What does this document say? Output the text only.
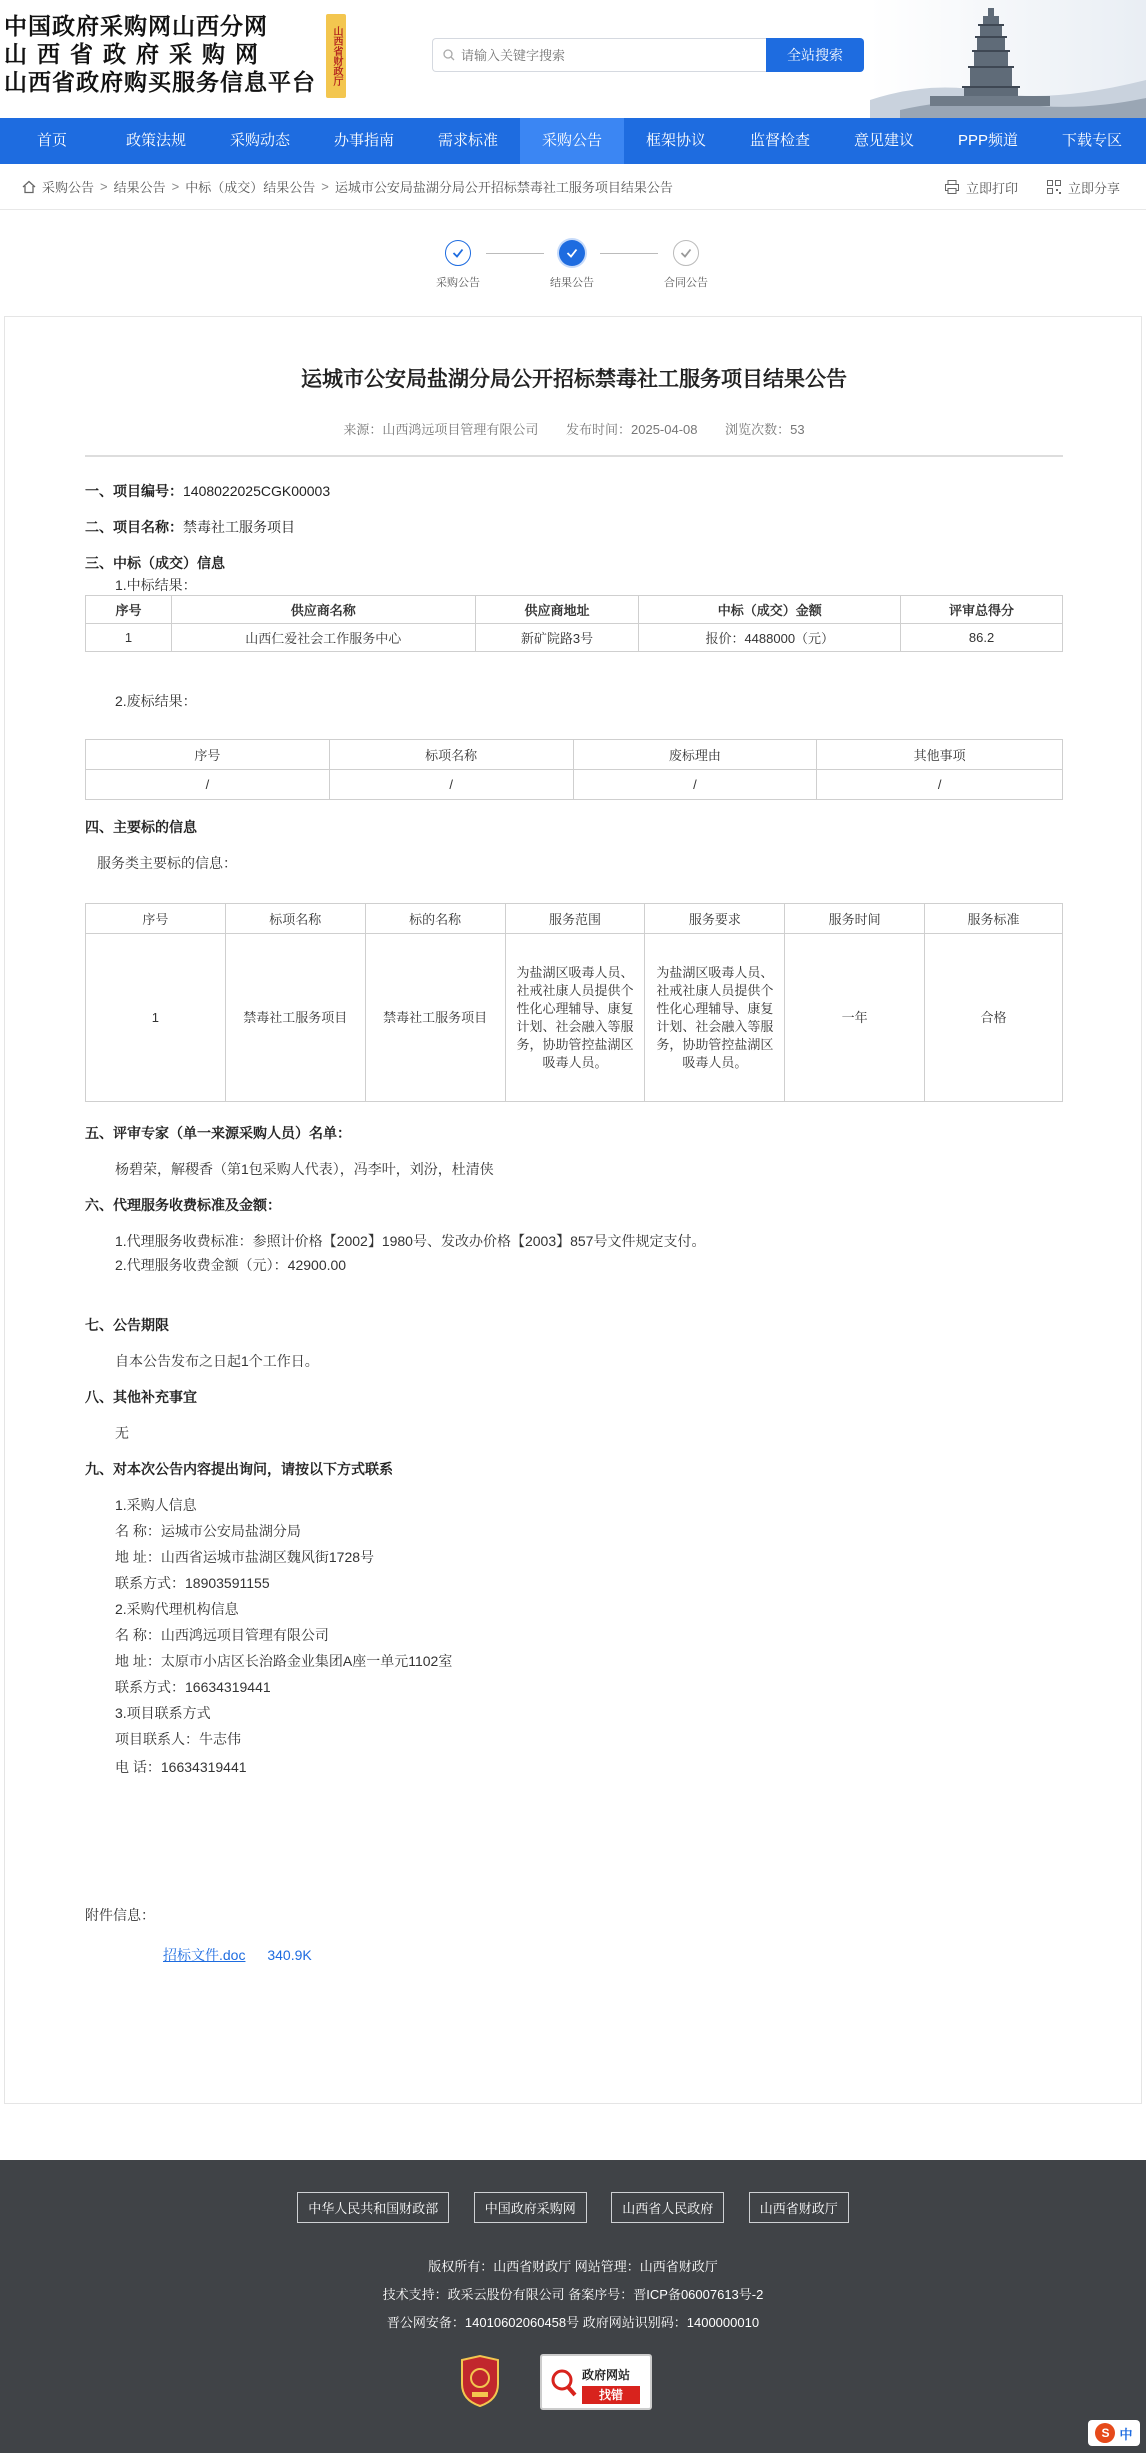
中国政府采购网山西分网
山西省政府采购网
山西省政府购买服务信息平台	山西省财政厅
请输入关键字搜索	全站搜索
首页	政策法规	采购动态	办事指南	需求标准	采购公告	框架协议	监督检查	意见建议	PPP频道	下载专区
采购公告 > 结果公告 > 中标（成交）结果公告 > 运城市公安局盐湖分局公开招标禁毒社工服务项目结果公告	立即打印	立即分享
采购公告	结果公告	合同公告
运城市公安局盐湖分局公开招标禁毒社工服务项目结果公告
来源：山西鸿远项目管理有限公司 发布时间：2025-04-08 浏览次数：53
一、项目编号：1408022025CGK00003
二、项目名称：禁毒社工服务项目
三、中标（成交）信息
1.中标结果：
序号	供应商名称	供应商地址	中标（成交）金额	评审总得分
1	山西仁爱社会工作服务中心	新矿院路3号	报价：4488000（元）	86.2
2.废标结果：
序号	标项名称	废标理由	其他事项
/	/	/	/
四、主要标的信息
服务类主要标的信息：
序号	标项名称	标的名称	服务范围	服务要求	服务时间	服务标准
1	禁毒社工服务项目	禁毒社工服务项目	为盐湖区吸毒人员、社戒社康人员提供个性化心理辅导、康复计划、社会融入等服务，协助管控盐湖区吸毒人员。	为盐湖区吸毒人员、社戒社康人员提供个性化心理辅导、康复计划、社会融入等服务，协助管控盐湖区吸毒人员。	一年	合格
五、评审专家（单一来源采购人员）名单：
杨碧荣，解稷香（第1包采购人代表），冯李叶，刘汾，杜清侠
六、代理服务收费标准及金额：
1.代理服务收费标准：参照计价格【2002】1980号、发改办价格【2003】857号文件规定支付。
2.代理服务收费金额（元）：42900.00
七、公告期限
自本公告发布之日起1个工作日。
八、其他补充事宜
无
九、对本次公告内容提出询问，请按以下方式联系
1.采购人信息
名 称：运城市公安局盐湖分局
地 址：山西省运城市盐湖区魏风街1728号
联系方式：18903591155
2.采购代理机构信息
名 称：山西鸿远项目管理有限公司
地 址：太原市小店区长治路金业集团A座一单元1102室
联系方式：16634319441
3.项目联系方式
项目联系人：牛志伟
电 话：16634319441
附件信息：
招标文件.doc 340.9K
中华人民共和国财政部	中国政府采购网	山西省人民政府	山西省财政厅
版权所有：山西省财政厅 网站管理：山西省财政厅
技术支持：政采云股份有限公司 备案序号：晋ICP备06007613号-2
晋公网安备：14010602060458号 政府网站识别码：1400000010
政府网站
找错
S 中
